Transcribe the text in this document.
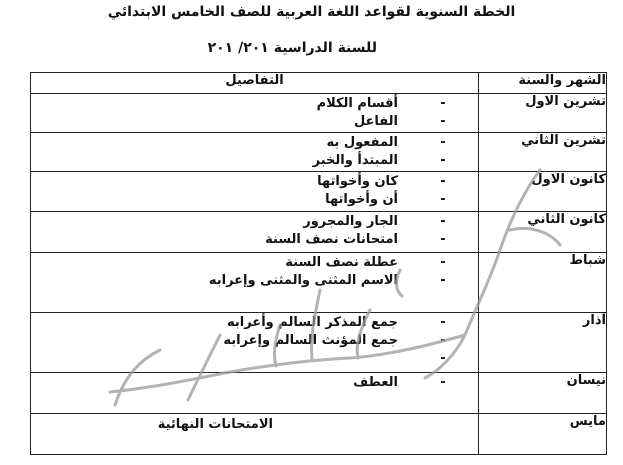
الخطة السنوية لقواعد اللغة العربية للصف الخامس الابتدائي
للسنة الدراسية ٢٠١/ ٢٠١
الشهر والسنة	التفاصيل
تشرين الاول	-
أقسام الكلام
-
الفاعل

تشرين الثاني	-
المفعول به
-
المبتدأ والخبر

كانون الاول	-
كان وأخواتها
-
أن وأخواتها

كانون الثاني	-
الجار والمجرور
-
امتحانات نصف السنة

شباط	-
عطلة نصف السنة
-
الاسم المثنى والمثنى وإعرابه

آذار	-
جمع المذكر السالم وأعرابه
-
جمع المؤنث السالم وإعرابه
-

نيسان	-
العطف

مايس	الامتحانات النهائية
